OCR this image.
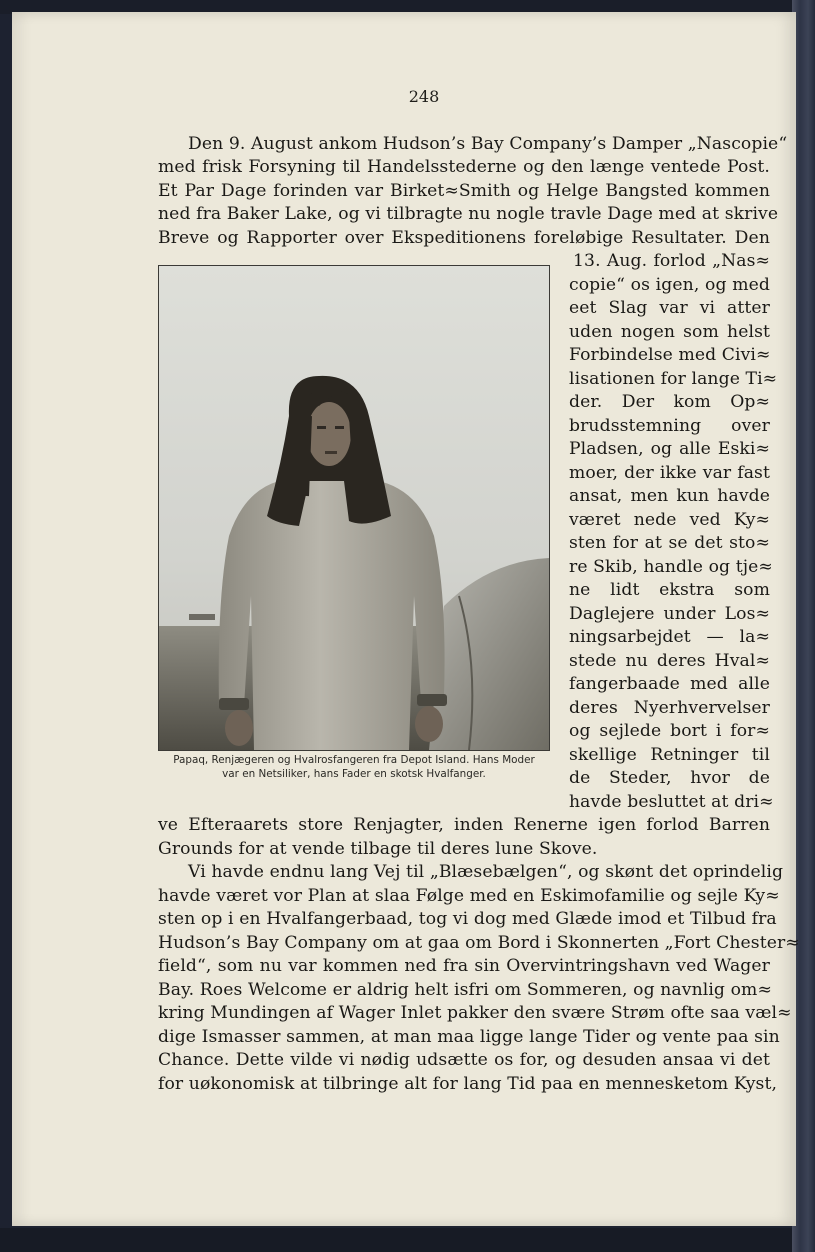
248
Den 9. August ankom Hudson’s Bay Company’s Damper „Nascopie“
med frisk Forsyning til Handelsstederne og den længe ventede Post.
Et Par Dage forinden var Birket≈Smith og Helge Bangsted kommen
ned fra Baker Lake, og vi tilbragte nu nogle travle Dage med at skrive
Breve og Rapporter over Ekspeditionens foreløbige Resultater. Den
Papaq, Renjægeren og Hvalrosfangeren fra Depot Island. Hans Moder
var en Netsiliker, hans Fader en skotsk Hvalfanger.
13. Aug. forlod „Nas≈
copie“ os igen, og med
eet Slag var vi atter
uden nogen som helst
Forbindelse med Civi≈
lisationen for lange Ti≈
der. Der kom Op≈
brudsstemning over
Pladsen, og alle Eski≈
moer, der ikke var fast
ansat, men kun havde
været nede ved Ky≈
sten for at se det sto≈
re Skib, handle og tje≈
ne lidt ekstra som
Daglejere under Los≈
ningsarbejdet — la≈
stede nu deres Hval≈
fangerbaade med alle
deres Nyerhvervelser
og sejlede bort i for≈
skellige Retninger til
de Steder, hvor de
havde besluttet at dri≈
ve Efteraarets store Renjagter, inden Renerne igen forlod Barren
Grounds for at vende tilbage til deres lune Skove.
Vi havde endnu lang Vej til „Blæsebælgen“, og skønt det oprindelig
havde været vor Plan at slaa Følge med en Eskimofamilie og sejle Ky≈
sten op i en Hvalfangerbaad, tog vi dog med Glæde imod et Tilbud fra
Hudson’s Bay Company om at gaa om Bord i Skonnerten „Fort Chester≈
field“, som nu var kommen ned fra sin Overvintringshavn ved Wager
Bay. Roes Welcome er aldrig helt isfri om Sommeren, og navnlig om≈
kring Mundingen af Wager Inlet pakker den svære Strøm ofte saa væl≈
dige Ismasser sammen, at man maa ligge lange Tider og vente paa sin
Chance. Dette vilde vi nødig udsætte os for, og desuden ansaa vi det
for uøkonomisk at tilbringe alt for lang Tid paa en mennesketom Kyst,
